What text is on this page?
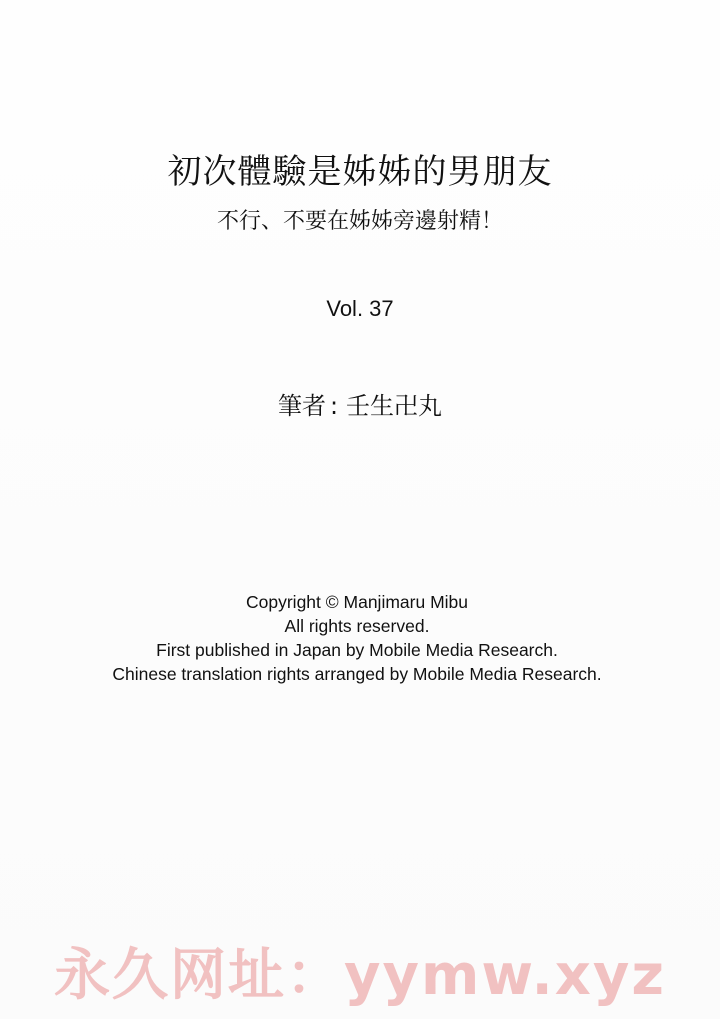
初次體驗是姊姊的男朋友
不行、不要在姊姊旁邊射精！
Vol. 37
筆者 : 壬生卍丸
Copyright © Manjimaru Mibu
All rights reserved.
First published in Japan by Mobile Media Research.
Chinese translation rights arranged by Mobile Media Research.
永久网址：yymw.xyz
